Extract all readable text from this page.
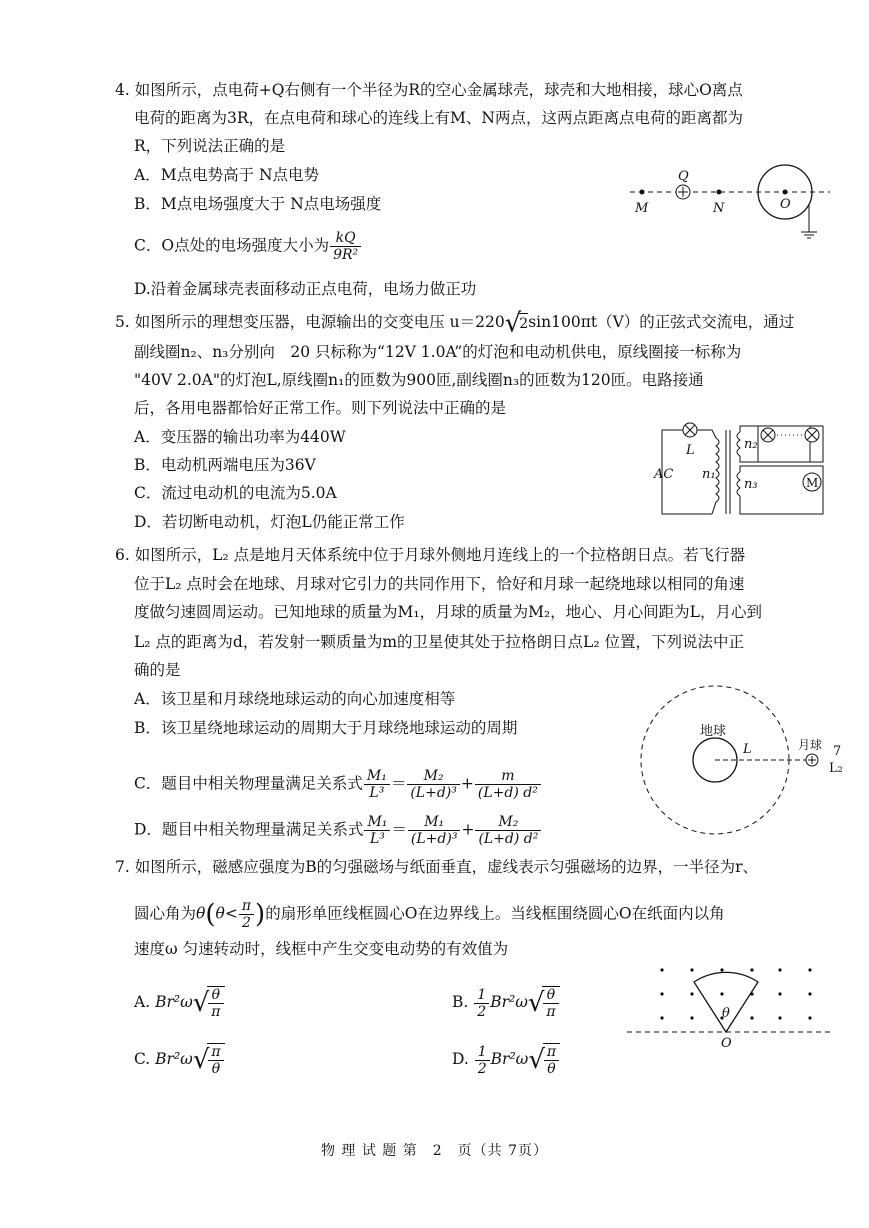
4. 如图所示，点电荷+Q右侧有一个半径为R的空心金属球壳，球壳和大地相接，球心O离点
电荷的距离为3R，在点电荷和球心的连线上有M、N两点，这两点距离点电荷的距离都为
R，下列说法正确的是
A．M点电势高于 N点电势
B．M点电场强度大于 N点电场强度
C．O点处的电场强度大小为 $\frac{kQ}{\text{9R²}}$
D.沿着金属球壳表面移动正点电荷，电场力做正功
M
Q
N	O
5. 如图所示的理想变压器，电源输出的交变电压 u＝220√2sin100πt（V）的正弦式交流电，通过
副线圈n₂、n₃分别向　20 只标称为“12V 1.0A”的灯泡和电动机供电，原线圈接一标称为
"40V 2.0A"的灯泡L,原线圈n₁的匝数为900匝,副线圈n₃的匝数为120匝。电路接通
后，各用电器都恰好正常工作。则下列说法中正确的是
A．变压器的输出功率为440W
B．电动机两端电压为36V
C．流过电动机的电流为5.0A
D．若切断电动机，灯泡L仍能正常工作
L
AC n₁
n₂
n₃	M
6. 如图所示，L₂ 点是地月天体系统中位于月球外侧地月连线上的一个拉格朗日点。若飞行器
位于L₂ 点时会在地球、月球对它引力的共同作用下，恰好和月球一起绕地球以相同的角速
度做匀速圆周运动。已知地球的质量为M₁，月球的质量为M₂，地心、月心间距为L，月心到
L₂ 点的距离为d，若发射一颗质量为m的卫星使其处于拉格朗日点L₂ 位置，下列说法中正
确的是
A．该卫星和月球绕地球运动的向心加速度相等
B．该卫星绕地球运动的周期大于月球绕地球运动的周期
C．题目中相关物理量满足关系式 $\frac{\text{M₁}}{\text{L³}} = \frac{\text{M₂}}{\text{(L+d)³}} + \frac{m}{\text{(L+d) d²}}$
D．题目中相关物理量满足关系式 $\frac{\text{M₁}}{\text{L³}} = \frac{\text{M₁}}{\text{(L+d)³}} + \frac{\text{M₂}}{\text{(L+d) d²}}$
地球
L	月球 7
L₂
7. 如图所示，磁感应强度为B的匀强磁场与纸面垂直，虚线表示匀强磁场的边界，一半径为r、
圆心角为$\theta(\theta< \frac{\pi}{2}$ )的扇形单匝线框圆心O在边界线上。当线框围绕圆心O在纸面内以角
速度ω 匀速转动时，线框中产生交变电动势的有效值为
A. $Br^2\omega√ \frac{\theta}{\pi}$	B. $\frac{1}{2} Br^2\omega√ \frac{\theta}{\pi}$
C. $Br^2\omega√ \frac{\pi}{\theta}$	D. $\frac{1}{2} Br^2\omega√ \frac{\pi}{\theta}$
θ
O
物 理 试 题 第　2　页（共 7页）
